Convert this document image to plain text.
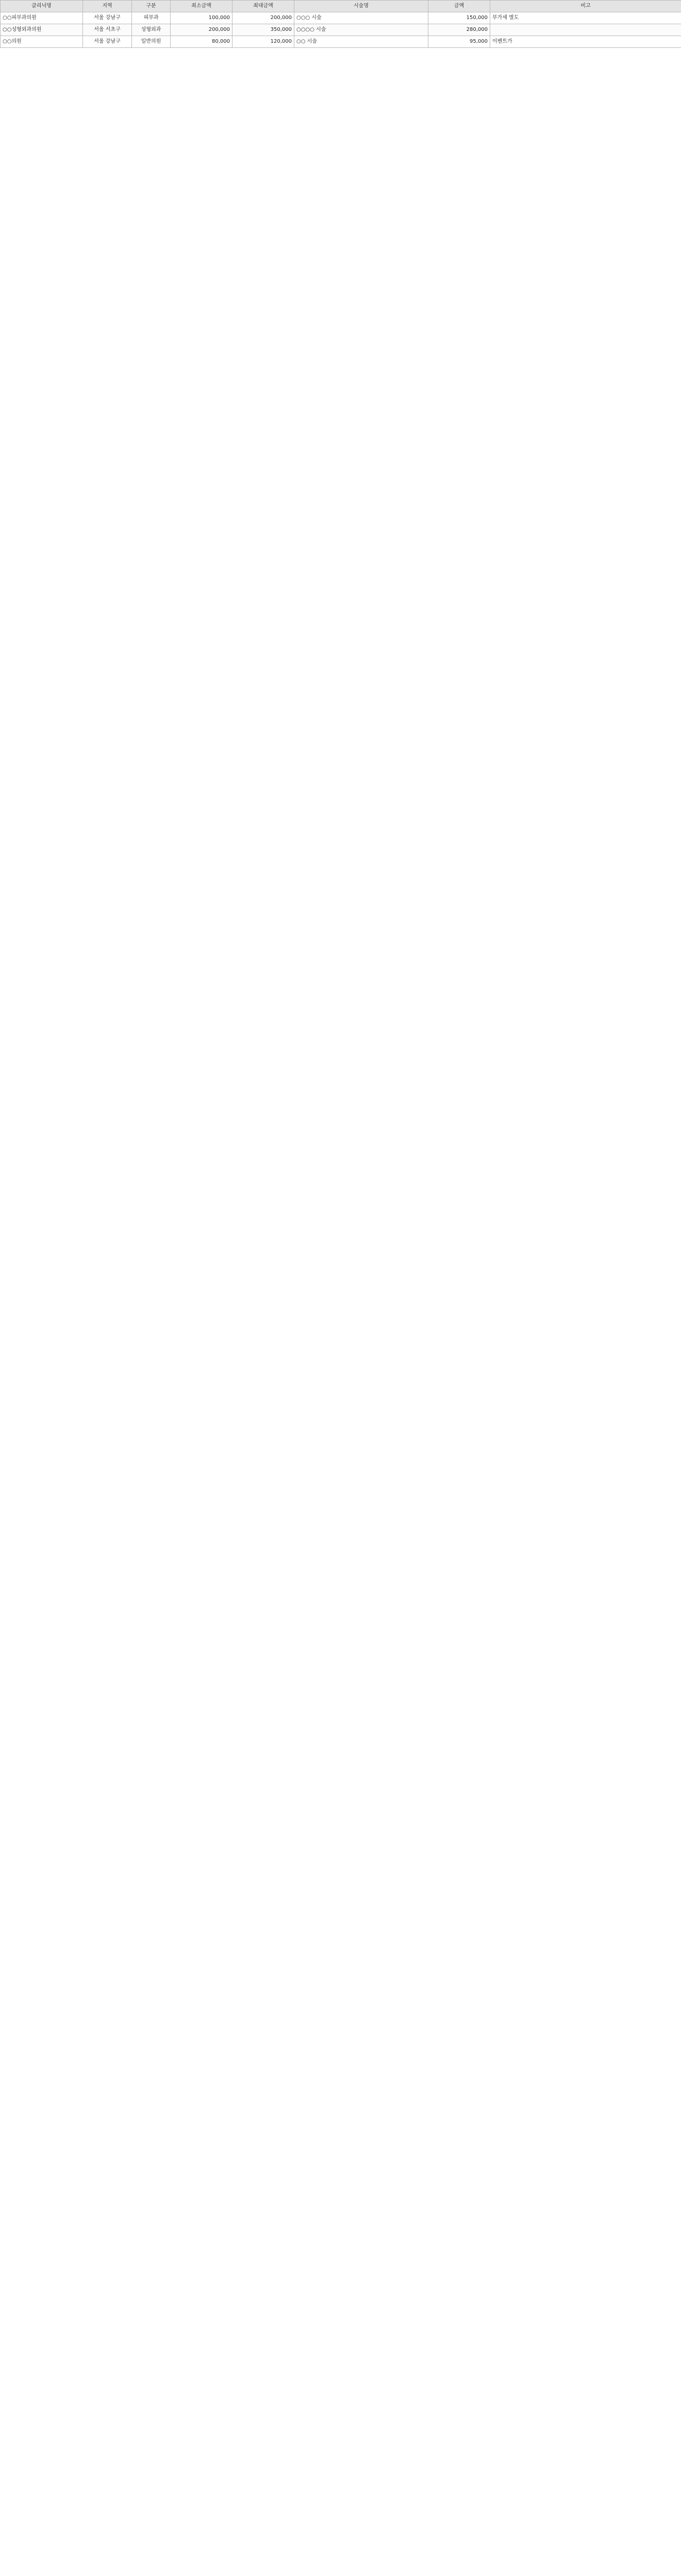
클리닉명	지역	구분	최소금액	최대금액	시술명	금액	비고
○○피부과의원	서울 강남구	피부과	100,000	200,000	○○○ 시술	150,000	부가세 별도
○○성형외과의원	서울 서초구	성형외과	200,000	350,000	○○○○ 시술	280,000	
○○의원	서울 강남구	일반의원	80,000	120,000	○○ 시술	95,000	이벤트가
